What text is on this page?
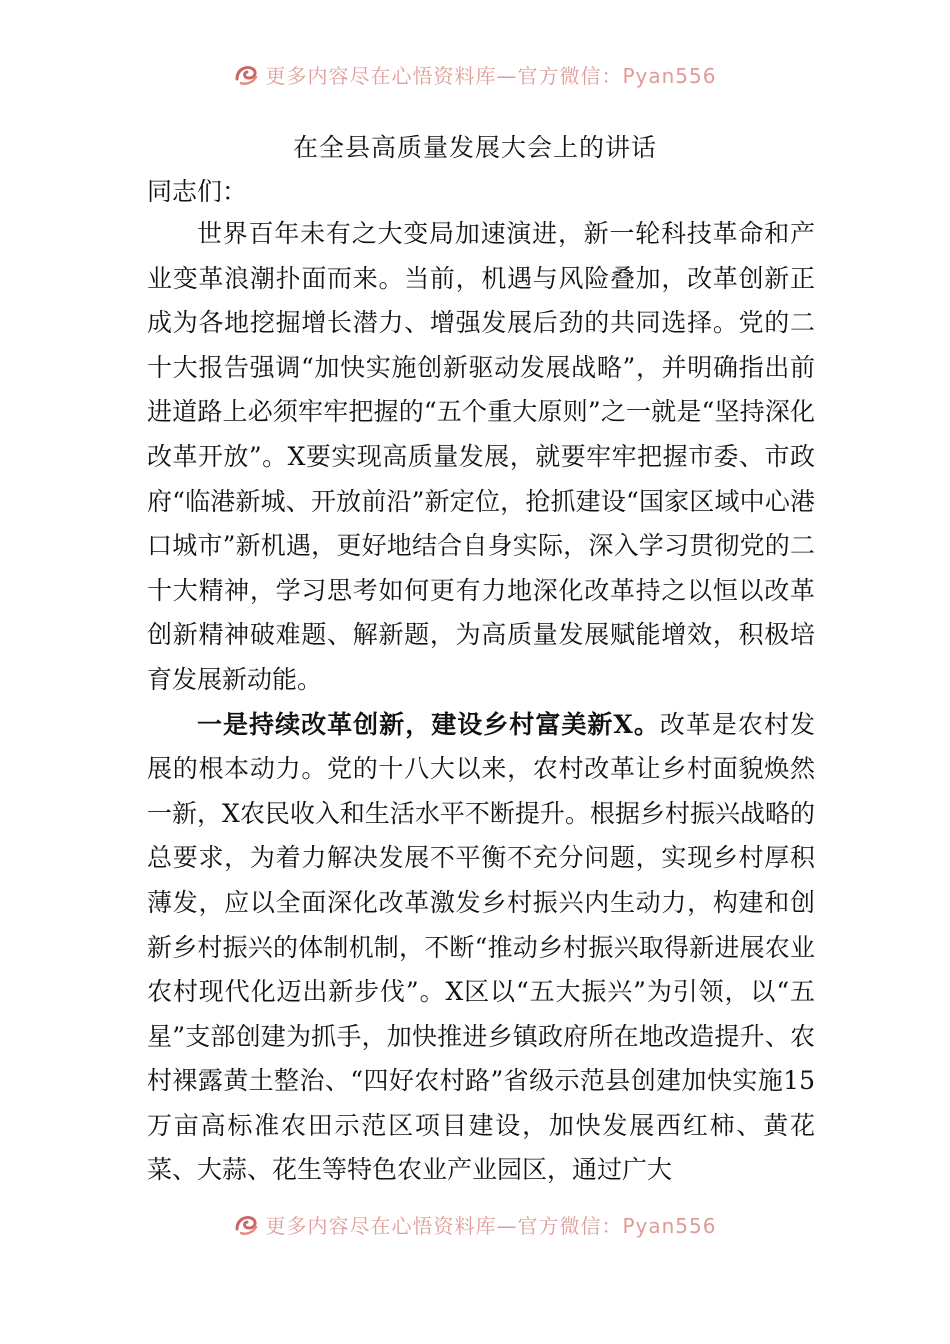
更多内容尽在心悟资料库—官方微信：Pyan556
在全县高质量发展大会上的讲话
同志们：

世界百年未有之大变局加速演进，新一轮科技革命和产业变革浪潮扑面而来。当前，机遇与风险叠加，改革创新正成为各地挖掘增长潜力、增强发展后劲的共同选择。党的二十大报告强调“加快实施创新驱动发展战略”，并明确指出前进道路上必须牢牢把握的“五个重大原则”之一就是“坚持深化改革开放”。X要实现高质量发展，就要牢牢把握市委、市政府“临港新城、开放前沿”新定位，抢抓建设“国家区域中心港口城市”新机遇，更好地结合自身实际，深入学习贯彻党的二十大精神，学习思考如何更有力地深化改革持之以恒以改革创新精神破难题、解新题，为高质量发展赋能增效，积极培育发展新动能。

一是持续改革创新，建设乡村富美新X。改革是农村发展的根本动力。党的十八大以来，农村改革让乡村面貌焕然一新，X农民收入和生活水平不断提升。根据乡村振兴战略的总要求，为着力解决发展不平衡不充分问题，实现乡村厚积薄发，应以全面深化改革激发乡村振兴内生动力，构建和创新乡村振兴的体制机制，不断“推动乡村振兴取得新进展农业农村现代化迈出新步伐”。X区以“五大振兴”为引领，以“五星”支部创建为抓手，加快推进乡镇政府所在地改造提升、农村裸露黄土整治、“四好农村路”省级示范县创建加快实施15万亩高标准农田示范区项目建设，加快发展西红柿、黄花菜、大蒜、花生等特色农业产业园区，通过广大

更多内容尽在心悟资料库—官方微信：Pyan556
